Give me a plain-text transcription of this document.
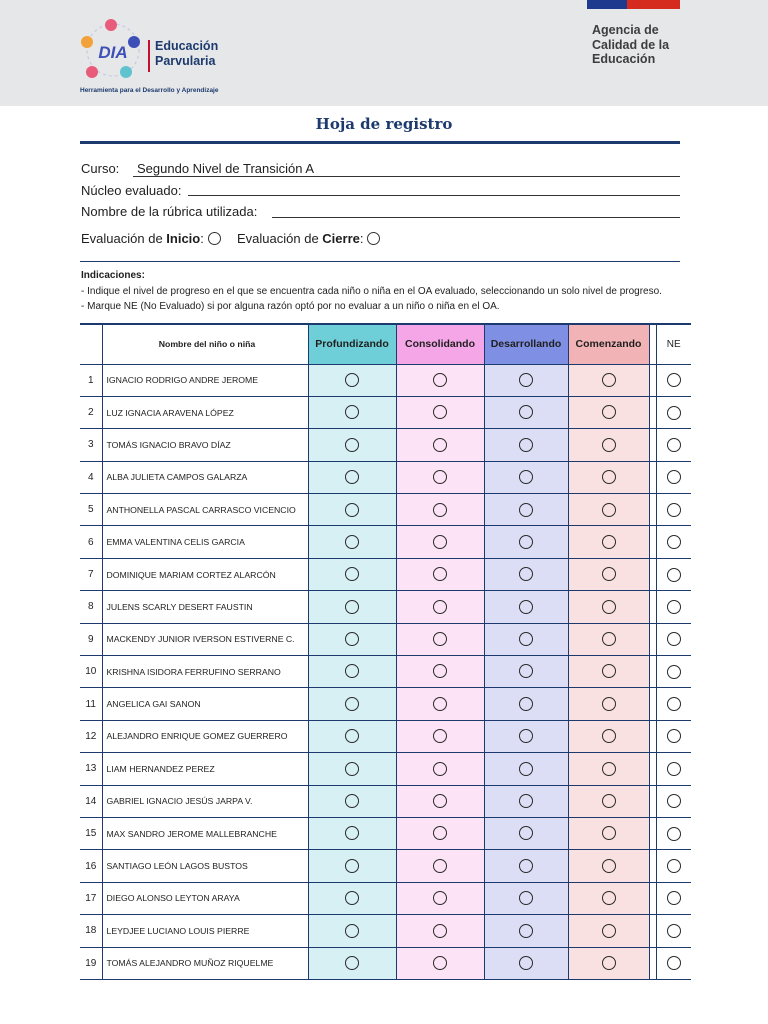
DIA Educación
Parvularia
Herramienta para el Desarrollo y Aprendizaje
Agencia de
Calidad de la
Educación
Hoja de registro
Curso: Segundo Nivel de Transición A
Núcleo evaluado:
Nombre de la rúbrica utilizada:
Evaluación de Inicio:	Evaluación de Cierre:
Indicaciones:
- Indique el nivel de progreso en el que se encuentra cada niño o niña en el OA evaluado, seleccionando un solo nivel de progreso.
- Marque NE (No Evaluado) si por alguna razón optó por no evaluar a un niño o niña en el OA.
	Nombre del niño o niña	Profundizando	Consolidando	Desarrollando	Comenzando		NE
1	IGNACIO RODRIGO ANDRE JEROME						
2	LUZ IGNACIA ARAVENA LÓPEZ						
3	TOMÁS IGNACIO BRAVO DÍAZ						
4	ALBA JULIETA CAMPOS GALARZA						
5	ANTHONELLA PASCAL CARRASCO VICENCIO						
6	EMMA VALENTINA CELIS GARCIA						
7	DOMINIQUE MARIAM CORTEZ ALARCÓN						
8	JULENS SCARLY DESERT FAUSTIN						
9	MACKENDY JUNIOR IVERSON ESTIVERNE C.						
10	KRISHNA ISIDORA FERRUFINO SERRANO						
11	ANGELICA GAI SANON						
12	ALEJANDRO ENRIQUE GOMEZ GUERRERO						
13	LIAM HERNANDEZ PEREZ						
14	GABRIEL IGNACIO JESÚS JARPA V.						
15	MAX SANDRO JEROME MALLEBRANCHE						
16	SANTIAGO LEÓN LAGOS BUSTOS						
17	DIEGO ALONSO LEYTON ARAYA						
18	LEYDJEE LUCIANO LOUIS PIERRE						
19	TOMÁS ALEJANDRO MUÑOZ RIQUELME						
